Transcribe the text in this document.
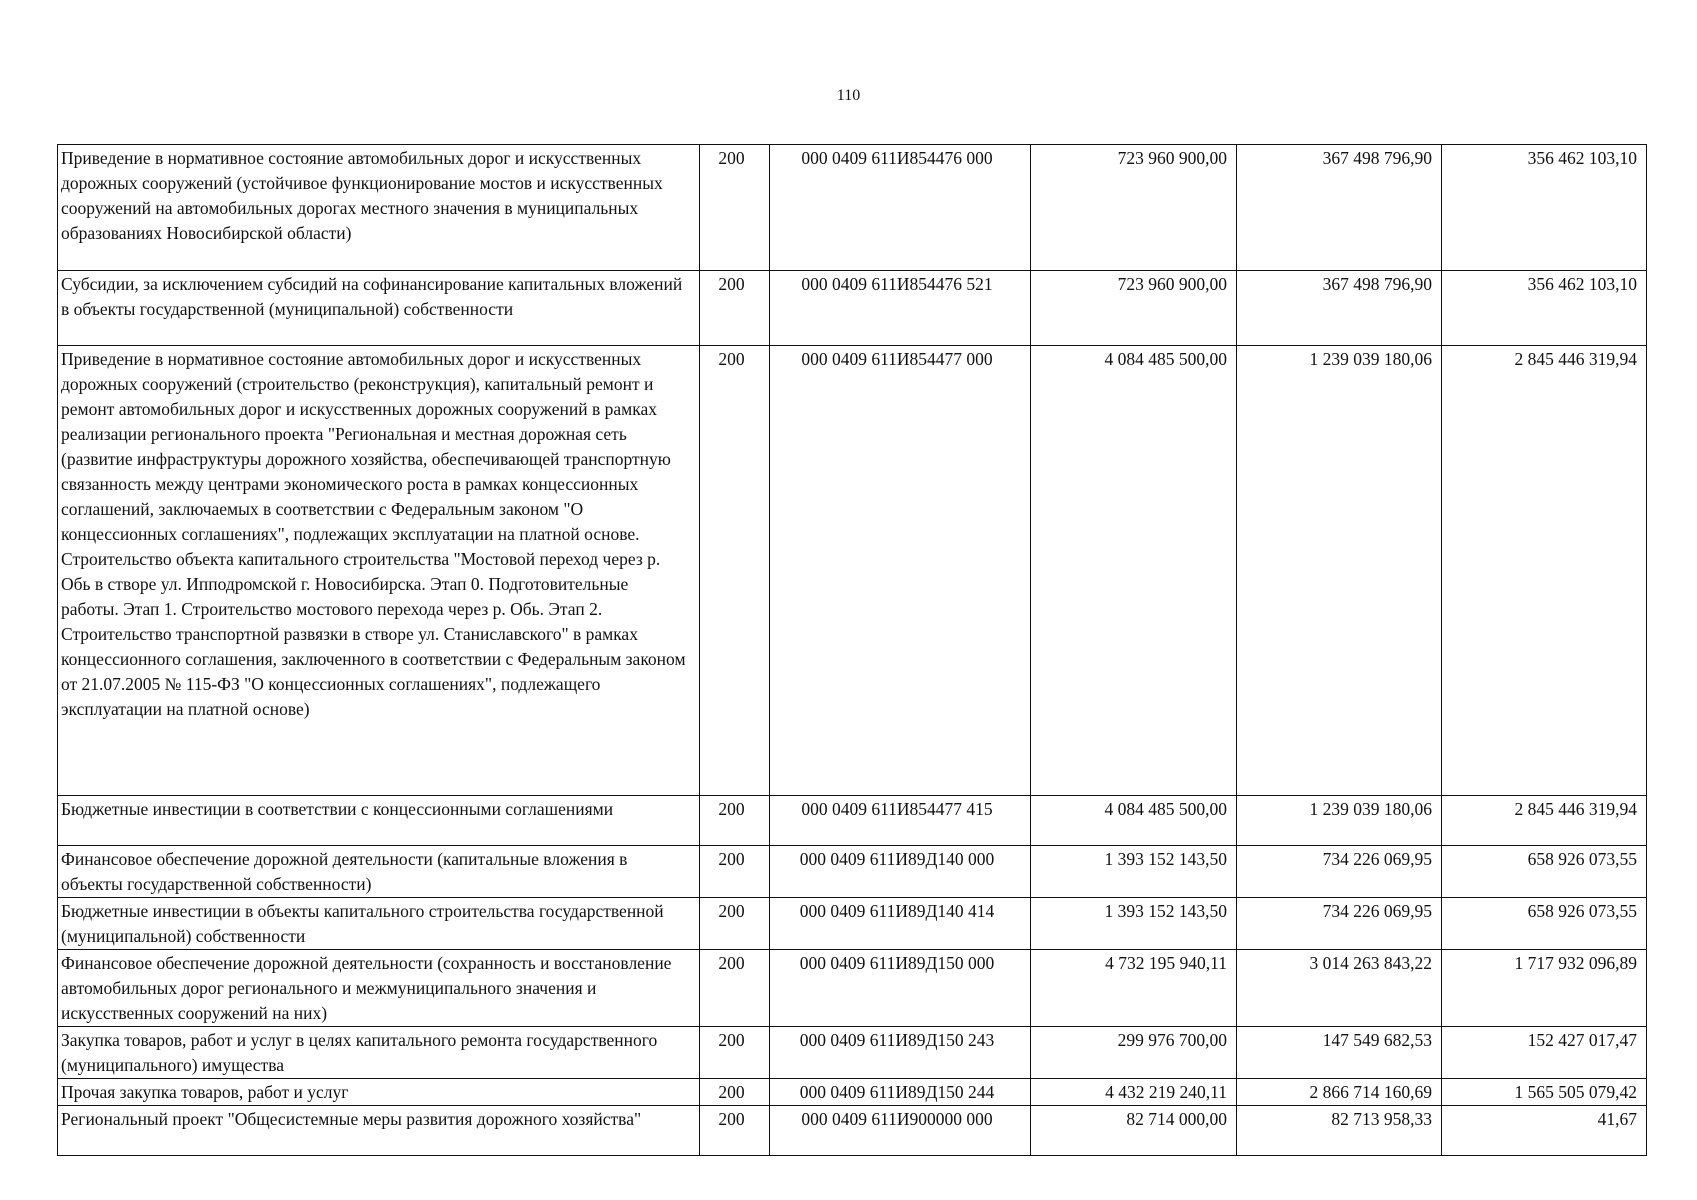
110
Приведение в нормативное состояние автомобильных дорог и искусственных дорожных сооружений (устойчивое функционирование мостов и искусственных сооружений на автомобильных дорогах местного значения в муниципальных образованиях Новосибирской области)	200	000 0409 611И854476 000	723 960 900,00	367 498 796,90	356 462 103,10
Субсидии, за исключением субсидий на софинансирование капитальных вложений в объекты государственной (муниципальной) собственности	200	000 0409 611И854476 521	723 960 900,00	367 498 796,90	356 462 103,10
Приведение в нормативное состояние автомобильных дорог и искусственных дорожных сооружений (строительство (реконструкция), капитальный ремонт и ремонт автомобильных дорог и искусственных дорожных сооружений в рамках реализации регионального проекта "Региональная и местная дорожная сеть (развитие инфраструктуры дорожного хозяйства, обеспечивающей транспортную связанность между центрами экономического роста в рамках концессионных соглашений, заключаемых в соответствии с Федеральным законом "О концессионных соглашениях", подлежащих эксплуатации на платной основе. Строительство объекта капитального строительства "Мостовой переход через р. Обь в створе ул. Ипподромской г. Новосибирска. Этап 0. Подготовительные работы. Этап 1. Строительство мостового перехода через р. Обь. Этап 2. Строительство транспортной развязки в створе ул. Станиславского" в рамках концессионного соглашения, заключенного в соответствии с Федеральным законом от 21.07.2005 № 115-ФЗ "О концессионных соглашениях", подлежащего эксплуатации на платной основе)	200	000 0409 611И854477 000	4 084 485 500,00	1 239 039 180,06	2 845 446 319,94
Бюджетные инвестиции в соответствии с концессионными соглашениями	200	000 0409 611И854477 415	4 084 485 500,00	1 239 039 180,06	2 845 446 319,94
Финансовое обеспечение дорожной деятельности (капитальные вложения в объекты государственной собственности)	200	000 0409 611И89Д140 000	1 393 152 143,50	734 226 069,95	658 926 073,55
Бюджетные инвестиции в объекты капитального строительства государственной (муниципальной) собственности	200	000 0409 611И89Д140 414	1 393 152 143,50	734 226 069,95	658 926 073,55
Финансовое обеспечение дорожной деятельности (сохранность и восстановление автомобильных дорог регионального и межмуниципального значения и искусственных сооружений на них)	200	000 0409 611И89Д150 000	4 732 195 940,11	3 014 263 843,22	1 717 932 096,89
Закупка товаров, работ и услуг в целях капитального ремонта государственного (муниципального) имущества	200	000 0409 611И89Д150 243	299 976 700,00	147 549 682,53	152 427 017,47
Прочая закупка товаров, работ и услуг	200	000 0409 611И89Д150 244	4 432 219 240,11	2 866 714 160,69	1 565 505 079,42
Региональный проект "Общесистемные меры развития дорожного хозяйства"	200	000 0409 611И900000 000	82 714 000,00	82 713 958,33	41,67
